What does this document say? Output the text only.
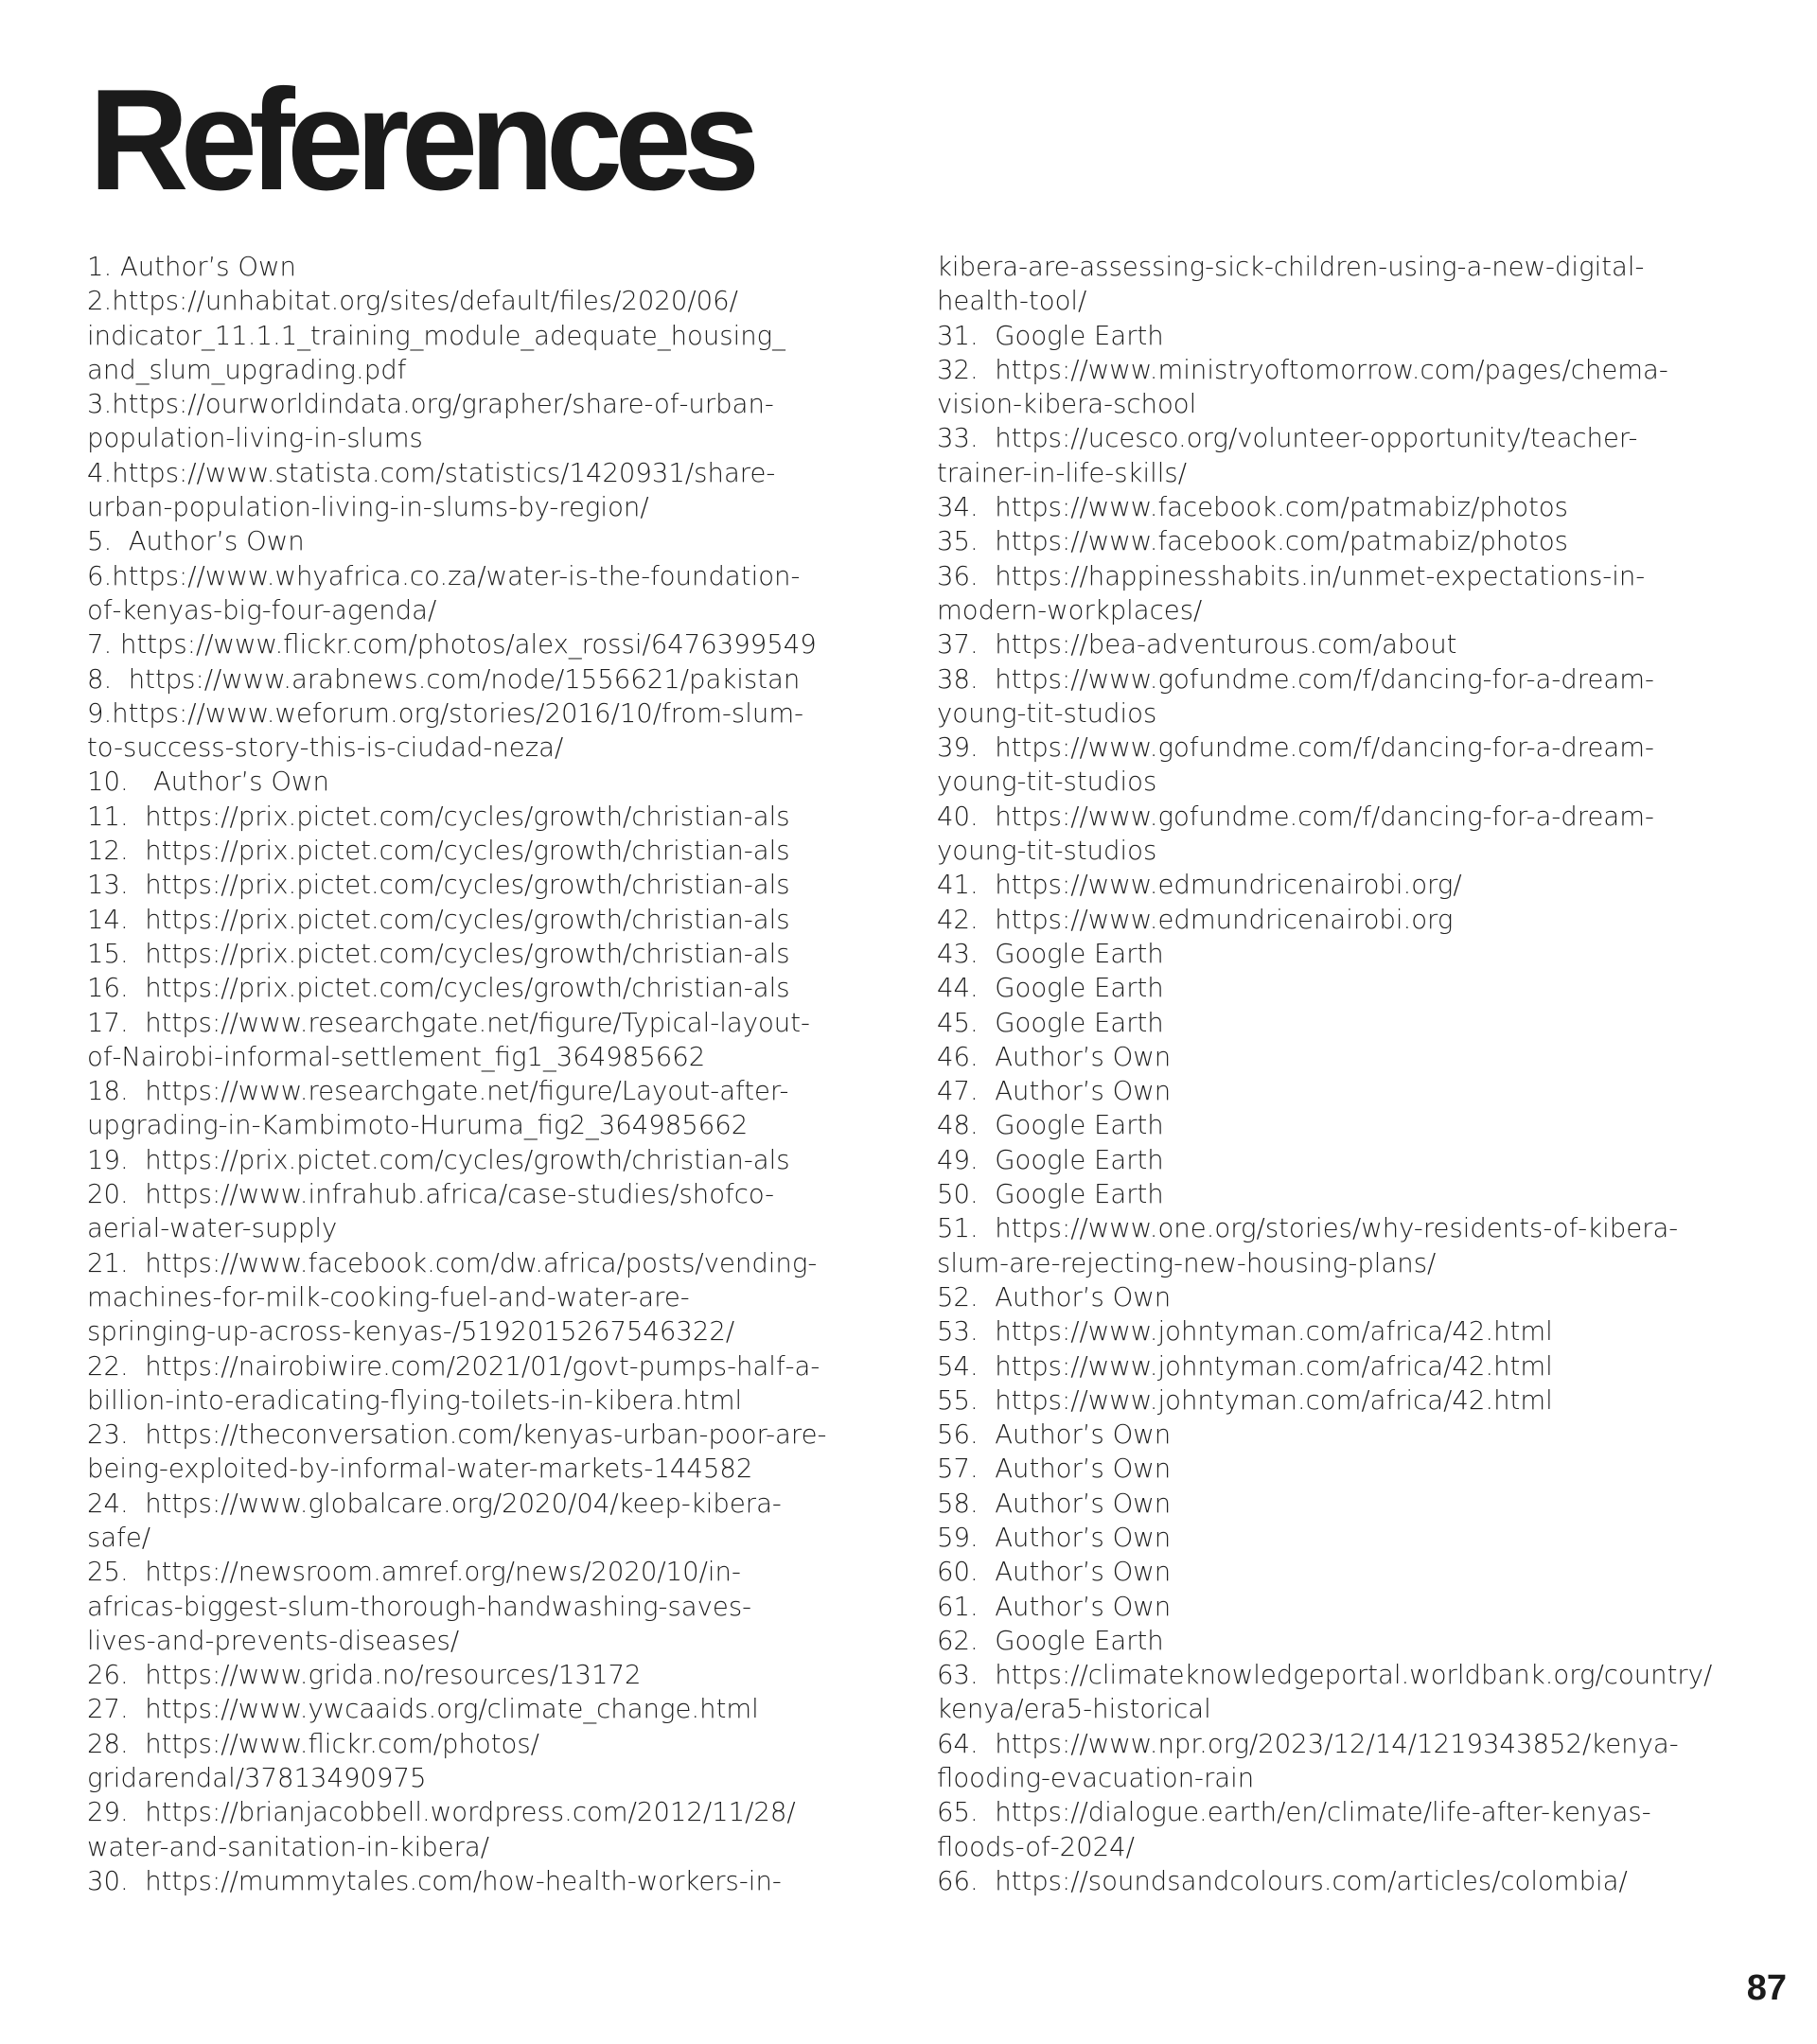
References
1. Author’s Own
2.https://unhabitat.org/sites/default/files/2020/06/
indicator_11.1.1_training_module_adequate_housing_
and_slum_upgrading.pdf
3.https://ourworldindata.org/grapher/share-of-urban-
population-living-in-slums
4.https://www.statista.com/statistics/1420931/share-
urban-population-living-in-slums-by-region/
5. Author’s Own
6.https://www.whyafrica.co.za/water-is-the-foundation-
of-kenyas-big-four-agenda/
7. https://www.flickr.com/photos/alex_rossi/6476399549
8. https://www.arabnews.com/node/1556621/pakistan
9.https://www.weforum.org/stories/2016/10/from-slum-
to-success-story-this-is-ciudad-neza/
10. Author’s Own
11. https://prix.pictet.com/cycles/growth/christian-als
12. https://prix.pictet.com/cycles/growth/christian-als
13. https://prix.pictet.com/cycles/growth/christian-als
14. https://prix.pictet.com/cycles/growth/christian-als
15. https://prix.pictet.com/cycles/growth/christian-als
16. https://prix.pictet.com/cycles/growth/christian-als
17.  https://www.researchgate.net/figure/Typical-layout-
of-Nairobi-informal-settlement_fig1_364985662
18.  https://www.researchgate.net/figure/Layout-after-
upgrading-in-Kambimoto-Huruma_fig2_364985662
19. https://prix.pictet.com/cycles/growth/christian-als
20.  https://www.infrahub.africa/case-studies/shofco-
aerial-water-supply
21.  https://www.facebook.com/dw.africa/posts/vending-
machines-for-milk-cooking-fuel-and-water-are-
springing-up-across-kenyas-/519201526754632​2/
22.  https://nairobiwire.com/2021/01/govt-pumps-half-a-
billion-into-eradicating-flying-toilets-in-kibera.html
23.  https://theconversation.com/kenyas-urban-poor-are-
being-exploited-by-informal-water-markets-144582
24.  https://www.globalcare.org/2020/04/keep-kibera-
safe/
25.  https://newsroom.amref.org/news/2020/10/in-
africas-biggest-slum-thorough-handwashing-saves-
lives-and-prevents-diseases/
26. https://www.grida.no/resources/13172
27. https://www.ywcaaids.org/climate_change.html
28.  https://www.flickr.com/photos/
gridarendal/37813490975
29.  https://brianjacobbell.wordpress.com/2012/11/28/
water-and-sanitation-in-kibera/
30. https://mummytales.com/how-health-workers-in-
kibera-are-assessing-sick-children-using-a-new-digital-
health-tool/
31. Google Earth
32.  https://www.ministryoftomorrow.com/pages/chema-
vision-kibera-school
33.  https://ucesco.org/volunteer-opportunity/teacher-
trainer-in-life-skills/
34. https://www.facebook.com/patmabiz/photos
35. https://www.facebook.com/patmabiz/photos
36.  https://happinesshabits.in/unmet-expectations-in-
modern-workplaces/
37. https://bea-adventurous.com/about
38.  https://www.gofundme.com/f/dancing-for-a-dream-
young-tit-studios
39.  https://www.gofundme.com/f/dancing-for-a-dream-
young-tit-studios
40.  https://www.gofundme.com/f/dancing-for-a-dream-
young-tit-studios
41. https://www.edmundricenairobi.org/
42. https://www.edmundricenairobi.org
43. Google Earth
44. Google Earth
45. Google Earth
46. Author’s Own
47. Author’s Own
48. Google Earth
49. Google Earth
50. Google Earth
51.  https://www.one.org/stories/why-residents-of-kibera-
slum-are-rejecting-new-housing-plans/
52. Author’s Own
53. https://www.johntyman.com/africa/42.html
54. https://www.johntyman.com/africa/42.html
55. https://www.johntyman.com/africa/42.html
56. Author’s Own
57. Author’s Own
58. Author’s Own
59. Author’s Own
60. Author’s Own
61. Author’s Own
62. Google Earth
63.  https://climateknowledgeportal.worldbank.org/country/
kenya/era5-historical
64.  https://www.npr.org/2023/12/14/1219343852/kenya-
flooding-evacuation-rain
65.  https://dialogue.earth/en/climate/life-after-kenyas-
floods-of-2024/
66. https://soundsandcolours.com/articles/colombia/
87
